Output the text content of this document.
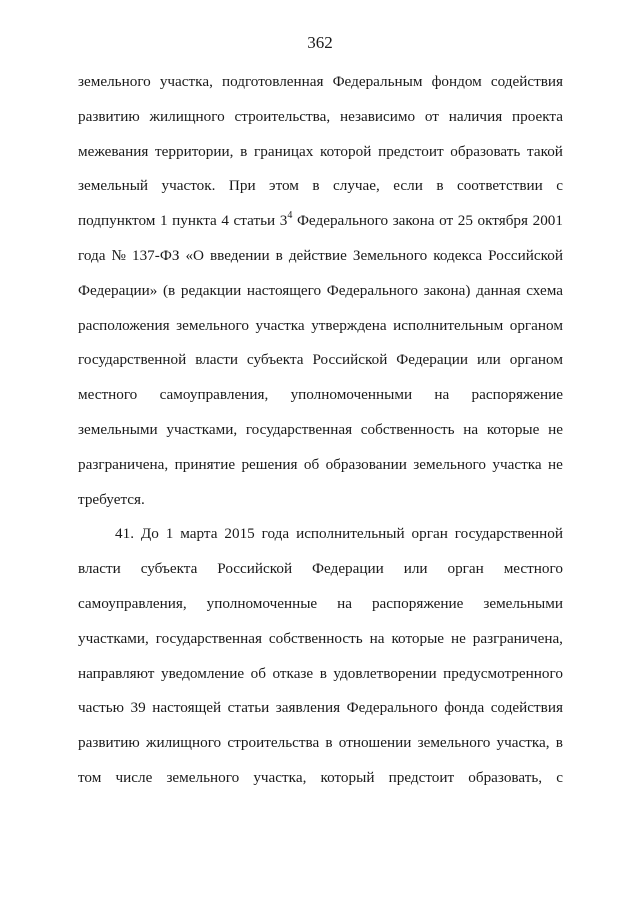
362
земельного участка, подготовленная Федеральным фондом содействия
развитию жилищного строительства, независимо от наличия проекта
межевания территории, в границах которой предстоит образовать такой
земельный участок. При этом в случае, если в соответствии с
подпунктом 1 пункта 4 статьи $3^4$ Федерального закона от 25 октября 2001
года № 137-ФЗ «О введении в действие Земельного кодекса Российской
Федерации» (в редакции настоящего Федерального закона) данная схема
расположения земельного участка утверждена исполнительным органом
государственной власти субъекта Российской Федерации или органом
местного самоуправления, уполномоченными на распоряжение
земельными участками, государственная собственность на которые не
разграничена, принятие решения об образовании земельного участка не
требуется.
41. До 1 марта 2015 года исполнительный орган государственной
власти субъекта Российской Федерации или орган местного
самоуправления, уполномоченные на распоряжение земельными
участками, государственная собственность на которые не разграничена,
направляют уведомление об отказе в удовлетворении предусмотренного
частью 39 настоящей статьи заявления Федерального фонда содействия
развитию жилищного строительства в отношении земельного участка, в
том числе земельного участка, который предстоит образовать, с
